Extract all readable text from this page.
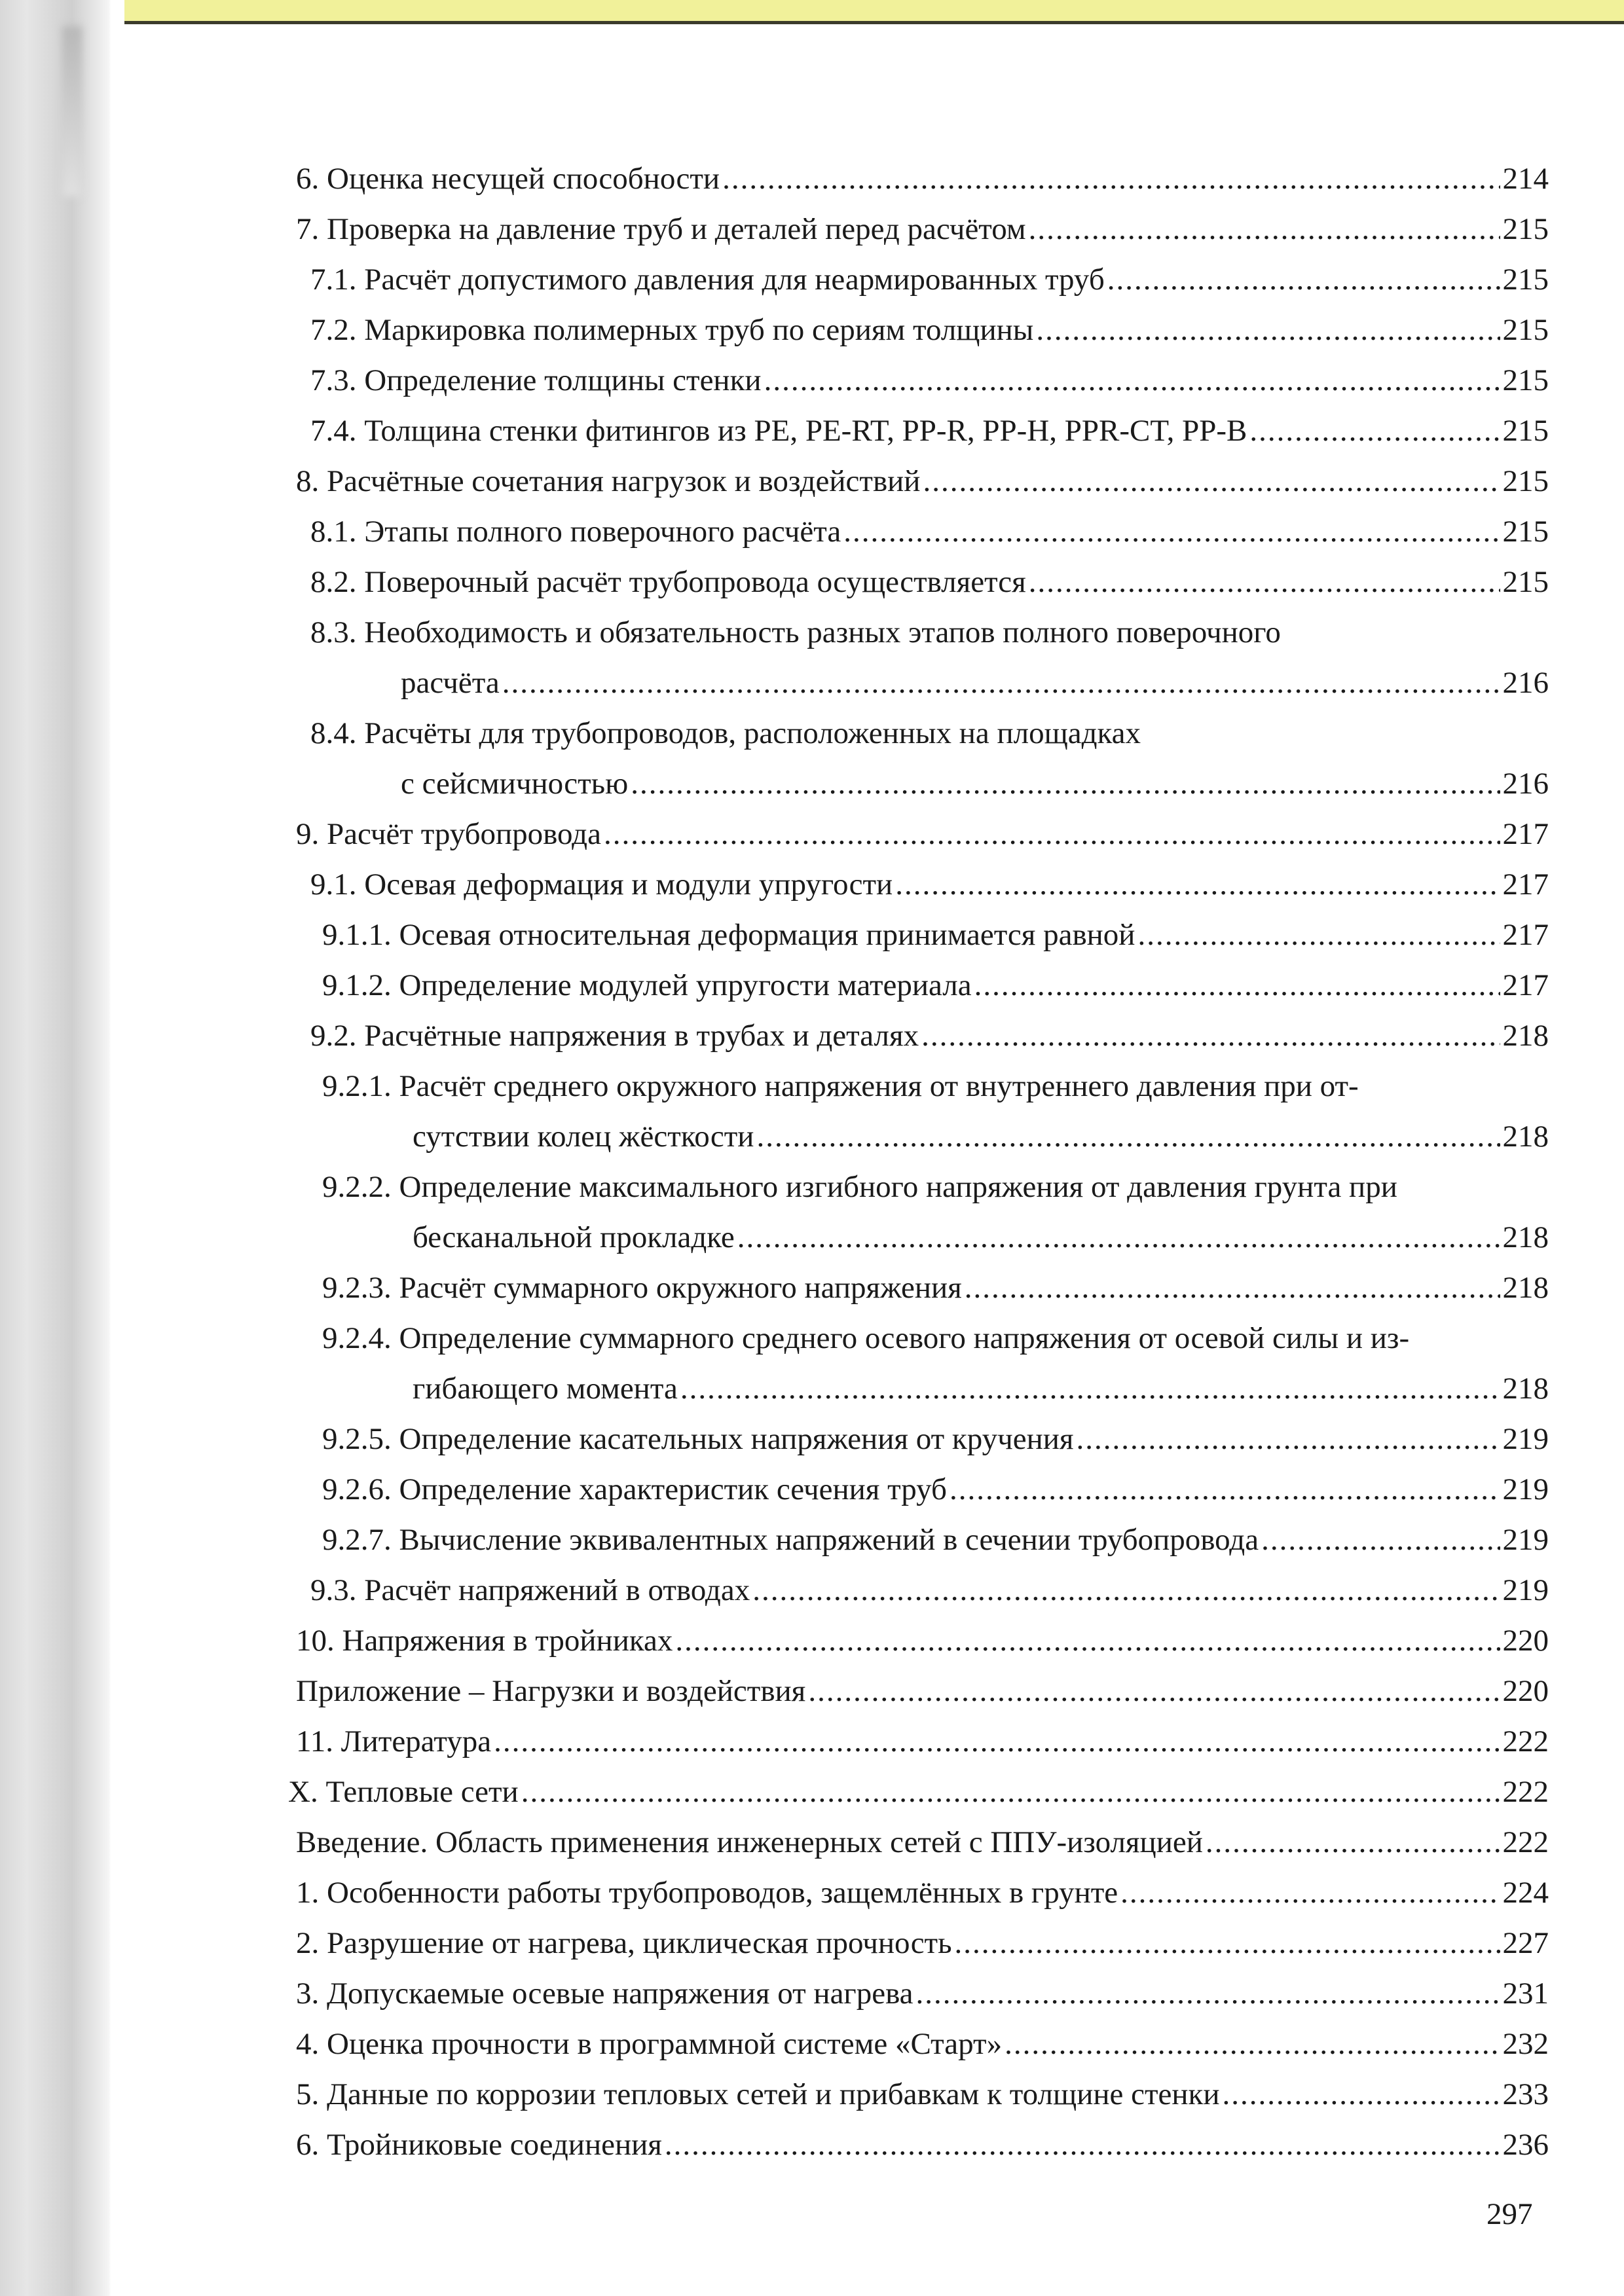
6. Оценка несущей способности .....	214
7. Проверка на давление труб и деталей перед расчётом .....	215
7.1. Расчёт допустимого давления для неармированных труб .....	215
7.2. Маркировка полимерных труб по сериям толщины .....	215
7.3. Определение толщины стенки .....	215
7.4. Толщина стенки фитингов из PE, PE-RT, PP-R, PP-H, PPR-CT, PP-B .....	215
8. Расчётные сочетания нагрузок и воздействий .....	215
8.1. Этапы полного поверочного расчёта .....	215
8.2. Поверочный расчёт трубопровода осуществляется .....	215
8.3. Необходимость и обязательность разных этапов полного поверочного
расчёта .....	216
8.4. Расчёты для трубопроводов, расположенных на площадках
с сейсмичностью .....	216
9. Расчёт трубопровода .....	217
9.1. Осевая деформация и модули упругости .....	217
9.1.1. Осевая относительная деформация принимается равной .....	217
9.1.2. Определение модулей упругости материала .....	217
9.2. Расчётные напряжения в трубах и деталях .....	218
9.2.1. Расчёт среднего окружного напряжения от внутреннего давления при от-
сутствии колец жёсткости .....	218
9.2.2. Определение максимального изгибного напряжения от давления грунта при
бесканальной прокладке .....	218
9.2.3. Расчёт суммарного окружного напряжения .....	218
9.2.4. Определение суммарного среднего осевого напряжения от осевой силы и из-
гибающего момента .....	218
9.2.5. Определение касательных напряжения от кручения .....	219
9.2.6. Определение характеристик сечения труб .....	219
9.2.7. Вычисление эквивалентных напряжений в сечении трубопровода .....	219
9.3. Расчёт напряжений в отводах .....	219
10. Напряжения в тройниках .....	220
Приложение – Нагрузки и воздействия .....	220
11. Литература .....	222
X. Тепловые сети .....	222
Введение. Область применения инженерных сетей с ППУ-изоляцией .....	222
1. Особенности работы трубопроводов, защемлённых в грунте .....	224
2. Разрушение от нагрева, циклическая прочность .....	227
3. Допускаемые осевые напряжения от нагрева .....	231
4. Оценка прочности в программной системе «Старт» .....	232
5. Данные по коррозии тепловых сетей и прибавкам к толщине стенки .....	233
6. Тройниковые соединения .....	236
297
